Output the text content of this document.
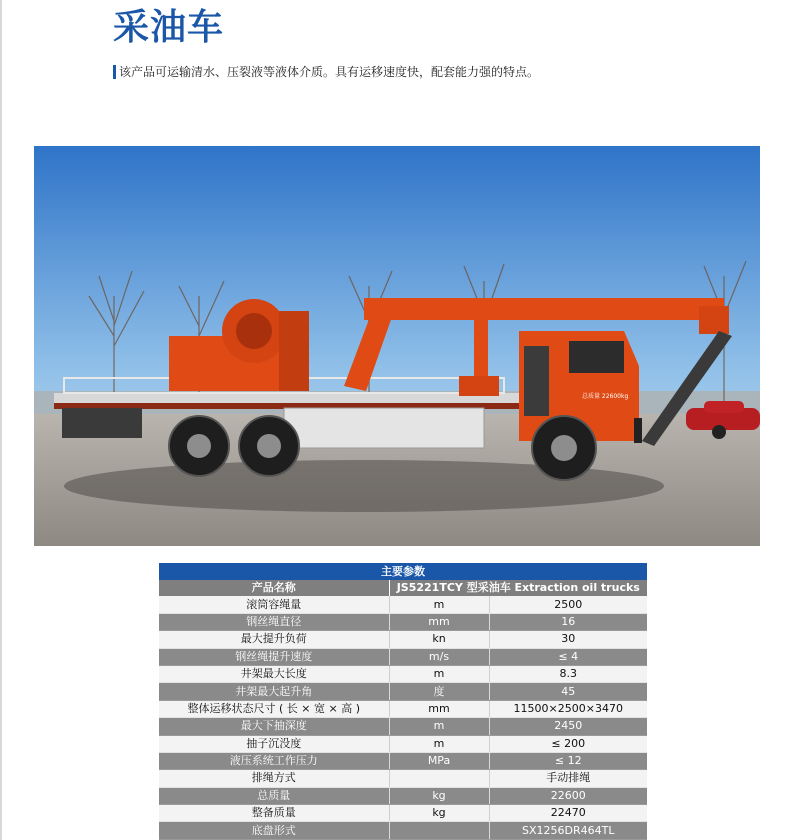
采油车
该产品可运输清水、压裂液等液体介质。具有运移速度快，配套能力强的特点。
总质量 22600kg
主要参数		
产品名称	JS5221TCY 型采油车 Extraction oil trucks	
滚筒容绳量	m	2500
钢丝绳直径	mm	16
最大提升负荷	kn	30
钢丝绳提升速度	m/s	≤ 4
井架最大长度	m	8.3
井架最大起升角	度	45
整体运移状态尺寸 ( 长 × 宽 × 高 )	mm	11500×2500×3470
最大下抽深度	m	2450
抽子沉没度	m	≤ 200
液压系统工作压力	MPa	≤ 12
排绳方式		手动排绳
总质量	kg	22600
整备质量	kg	22470
底盘形式		SX1256DR464TL
